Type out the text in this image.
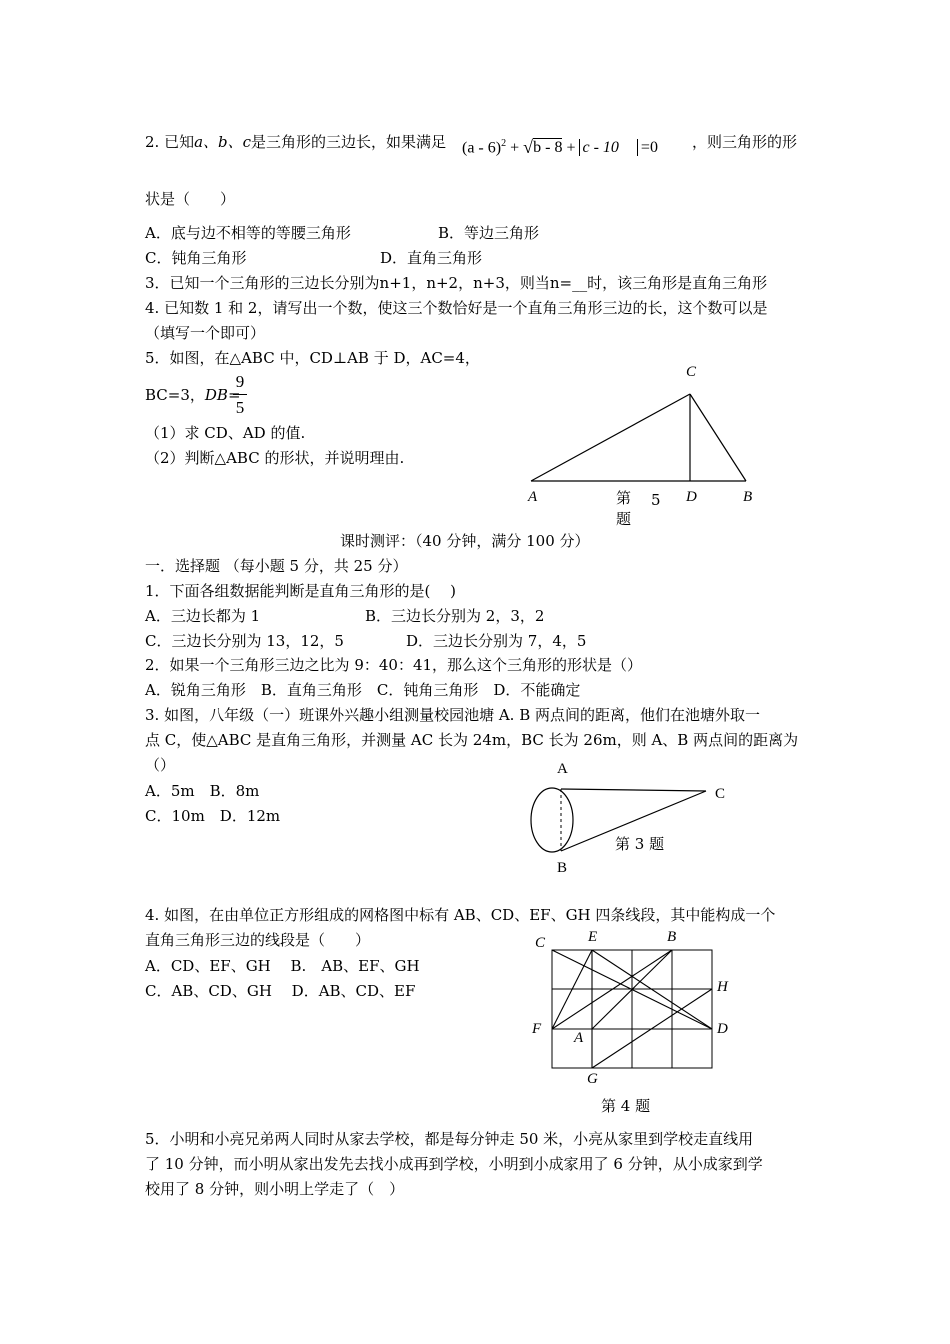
2. 已知a、b、c是三角形的三边长，如果满足 (a - 6)$^2$ + √ b - 8 + c - 10 =0 ，则三角形的形
状是（　　）
A．底与边不相等的等腰三角形	B．等边三角形
C．钝角三角形	D．直角三角形
3．已知一个三角形的三边长分别为n+1，n+2，n+3，则当n=__时，该三角形是直角三角形
4. 已知数 1 和 2，请写出一个数，使这三个数恰好是一个直角三角形三边的长，这个数可以是
（填写一个即可）
5．如图，在△ABC 中，CD⊥AB 于 D，AC=4，
BC=3，DB=
9
5
（1）求 CD、AD 的值.
（2）判断△ABC 的形状，并说明理由.
C
A	D	B
第 5
题
课时测评：（40 分钟，满分 100 分）
一．选择题 （每小题 5 分，共 25 分）
1．下面各组数据能判断是直角三角形的是(　 )
A．三边长都为 1	B．三边长分别为 2，3，2
C．三边长分别为 13，12，5	D．三边长分别为 7，4，5
2．如果一个三角形三边之比为 9：40：41，那么这个三角形的形状是（）
A．锐角三角形　B．直角三角形　C．钝角三角形　D．不能确定
3. 如图，八年级（一）班课外兴趣小组测量校园池塘 A. B 两点间的距离，他们在池塘外取一
点 C，使△ABC 是直角三角形，并测量 AC 长为 24m，BC 长为 26m，则 A、B 两点间的距离为
（）
A．5m　B．8m
C．10m　D．12m
A
C
B
第 3 题
4. 如图，在由单位正方形组成的网格图中标有 AB、CD、EF、GH 四条线段，其中能构成一个
直角三角形三边的线段是（　　）
A．CD、EF、GH　 B.　AB、EF、GH
C．AB、CD、GH　 D．AB、CD、EF
C	E	B
H
F
A
D
G
第 4 题
5．小明和小亮兄弟两人同时从家去学校，都是每分钟走 50 米，小亮从家里到学校走直线用
了 10 分钟，而小明从家出发先去找小成再到学校，小明到小成家用了 6 分钟，从小成家到学
校用了 8 分钟，则小明上学走了（　）
